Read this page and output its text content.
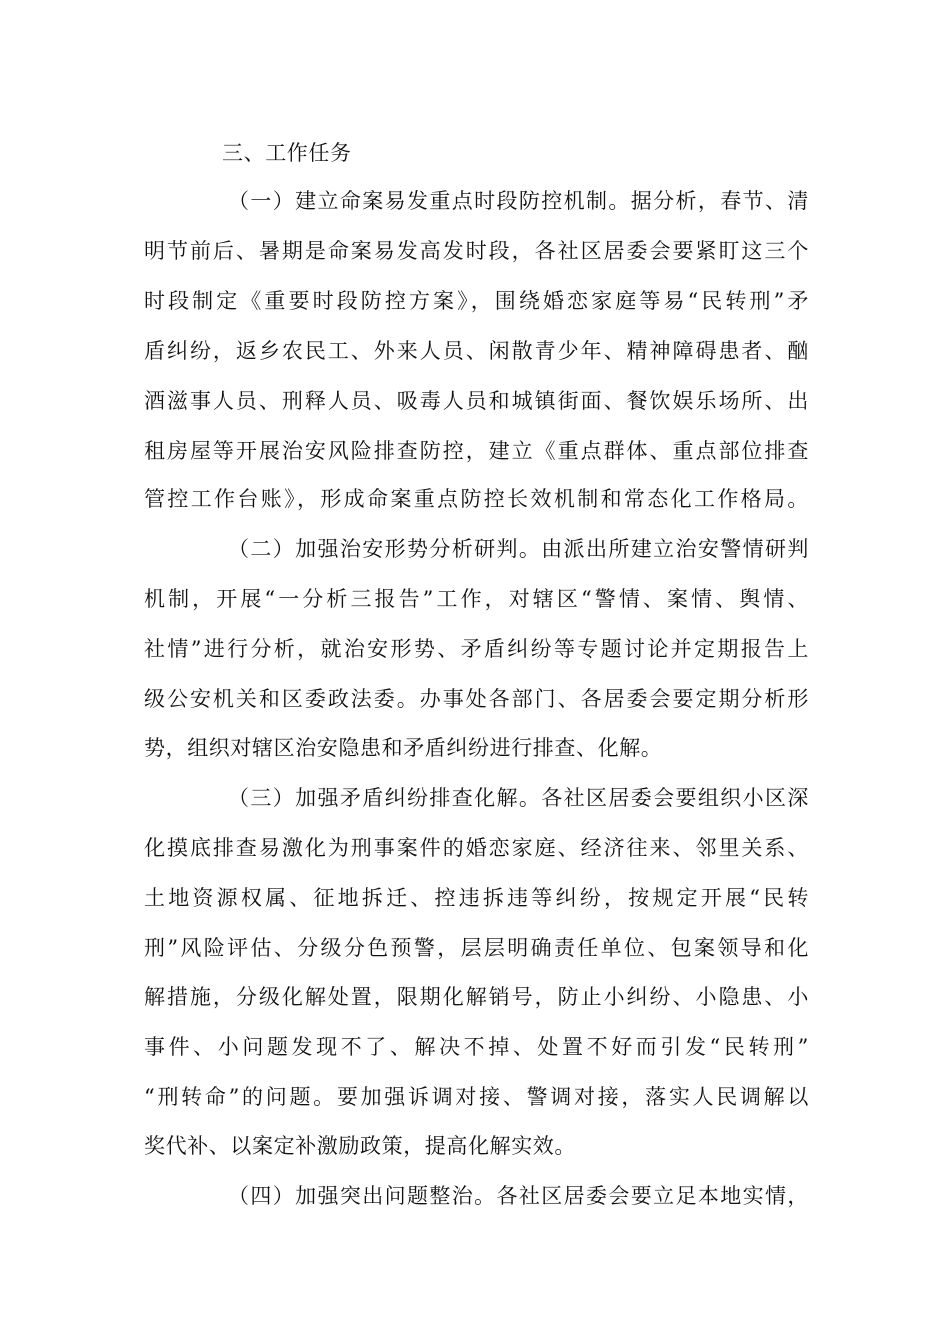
三、工作任务
（一）建立命案易发重点时段防控机制。据分析，春节、清
明节前后、暑期是命案易发高发时段，各社区居委会要紧盯这三个
时段制定《重要时段防控方案》，围绕婚恋家庭等易“民转刑”矛
盾纠纷，返乡农民工、外来人员、闲散青少年、精神障碍患者、酗
酒滋事人员、刑释人员、吸毒人员和城镇街面、餐饮娱乐场所、出
租房屋等开展治安风险排查防控，建立《重点群体、重点部位排查
管控工作台账》，形成命案重点防控长效机制和常态化工作格局。
（二）加强治安形势分析研判。由派出所建立治安警情研判
机制，开展“一分析三报告”工作，对辖区“警情、案情、舆情、
社情”进行分析，就治安形势、矛盾纠纷等专题讨论并定期报告上
级公安机关和区委政法委。办事处各部门、各居委会要定期分析形
势，组织对辖区治安隐患和矛盾纠纷进行排查、化解。
（三）加强矛盾纠纷排查化解。各社区居委会要组织小区深
化摸底排查易激化为刑事案件的婚恋家庭、经济往来、邻里关系、
土地资源权属、征地拆迁、控违拆违等纠纷，按规定开展“民转
刑”风险评估、分级分色预警，层层明确责任单位、包案领导和化
解措施，分级化解处置，限期化解销号，防止小纠纷、小隐患、小
事件、小问题发现不了、解决不掉、处置不好而引发“民转刑”
“刑转命”的问题。要加强诉调对接、警调对接，落实人民调解以
奖代补、以案定补激励政策，提高化解实效。
（四）加强突出问题整治。各社区居委会要立足本地实情，
